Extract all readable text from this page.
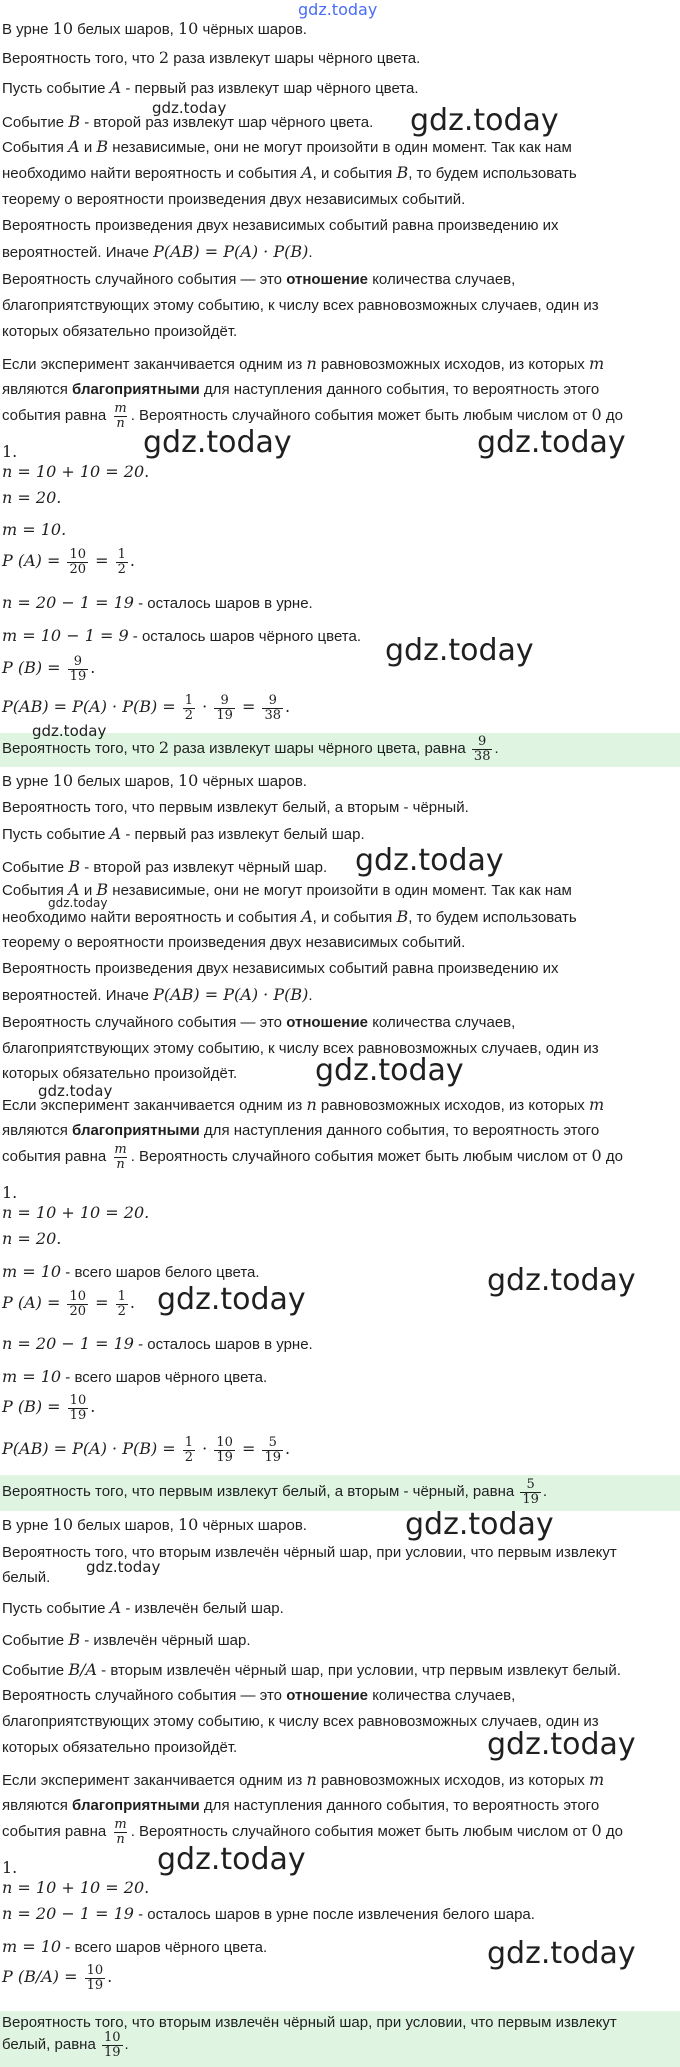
gdz.today
gdz.today	gdz.today
gdz.today	gdz.today
gdz.today
gdz.today
gdz.today
gdz.today
gdz.today
gdz.today
gdz.today
gdz.today
gdz.today
gdz.today
gdz.today
gdz.today
gdz.today
В урне 10 белых шаров, 10 чёрных шаров.
Вероятность того, что 2 раза извлекут шары чёрного цвета.
Пусть событие A - первый раз извлекут шар чёрного цвета.
Событие B - второй раз извлекут шар чёрного цвета.
События A и B независимые, они не могут произойти в один момент. Так как нам
необходимо найти вероятность и события A, и события B, то будем использовать
теорему о вероятности произведения двух независимых событий.
Вероятность произведения двух независимых событий равна произведению их
вероятностей. Иначе P(AB) = P(A) · P(B).
Вероятность случайного события — это отношение количества случаев,
благоприятствующих этому событию, к числу всех равновозможных случаев, один из
которых обязательно произойдёт.
Если эксперимент заканчивается одним из n равновозможных исходов, из которых m
являются благоприятными для наступления данного события, то вероятность этого
события равна $\frac{m}{n}$ . Вероятность случайного события может быть любым числом от 0 до
1.
n = 10 + 10 = 20.
n = 20.
m = 10.
P $(A) = \frac{10}{20} = \frac{1}{2}$ .
n = 20 − 1 = 19 - осталось шаров в урне.
m = 10 − 1 = 9 - осталось шаров чёрного цвета.
P $(B) = \frac{9}{19}$ .
$P(AB) = P(A) \cdot P(B) = \frac{1}{2} \cdot \frac{9}{19} = \frac{9}{38}$ .
Вероятность того, что 2 раза извлекут шары чёрного цвета, равна $\frac{9}{38}$ .
В урне 10 белых шаров, 10 чёрных шаров.
Вероятность того, что первым извлекут белый, а вторым - чёрный.
Пусть событие A - первый раз извлекут белый шар.
Событие B - второй раз извлекут чёрный шар.
События A и B независимые, они не могут произойти в один момент. Так как нам
необходимо найти вероятность и события A, и события B, то будем использовать
теорему о вероятности произведения двух независимых событий.
Вероятность произведения двух независимых событий равна произведению их
вероятностей. Иначе P(AB) = P(A) · P(B).
Вероятность случайного события — это отношение количества случаев,
благоприятствующих этому событию, к числу всех равновозможных случаев, один из
которых обязательно произойдёт.
Если эксперимент заканчивается одним из n равновозможных исходов, из которых m
являются благоприятными для наступления данного события, то вероятность этого
события равна $\frac{m}{n}$ . Вероятность случайного события может быть любым числом от 0 до
1.
n = 10 + 10 = 20.
n = 20.
m = 10 - всего шаров белого цвета.
P $(A) = \frac{10}{20} = \frac{1}{2}$ .
n = 20 − 1 = 19 - осталось шаров в урне.
m = 10 - всего шаров чёрного цвета.
P $(B) = \frac{10}{19}$ .
$P(AB) = P(A) \cdot P(B) = \frac{1}{2} \cdot \frac{10}{19} = \frac{5}{19}$ .
Вероятность того, что первым извлекут белый, а вторым - чёрный, равна $\frac{5}{19}$ .
В урне 10 белых шаров, 10 чёрных шаров.
Вероятность того, что вторым извлечён чёрный шар, при условии, что первым извлекут
белый.
Пусть событие A - извлечён белый шар.
Событие B - извлечён чёрный шар.
Событие B/A - вторым извлечён чёрный шар, при условии, чтр первым извлекут белый.
Вероятность случайного события — это отношение количества случаев,
благоприятствующих этому событию, к числу всех равновозможных случаев, один из
которых обязательно произойдёт.
Если эксперимент заканчивается одним из n равновозможных исходов, из которых m
являются благоприятными для наступления данного события, то вероятность этого
события равна $\frac{m}{n}$ . Вероятность случайного события может быть любым числом от 0 до
1.
n = 10 + 10 = 20.
n = 20 − 1 = 19 - осталось шаров в урне после извлечения белого шара.
m = 10 - всего шаров чёрного цвета.
P $(B/A) = \frac{10}{19}$ .
Вероятность того, что вторым извлечён чёрный шар, при условии, что первым извлекут
белый, равна $\frac{10}{19}$ .
